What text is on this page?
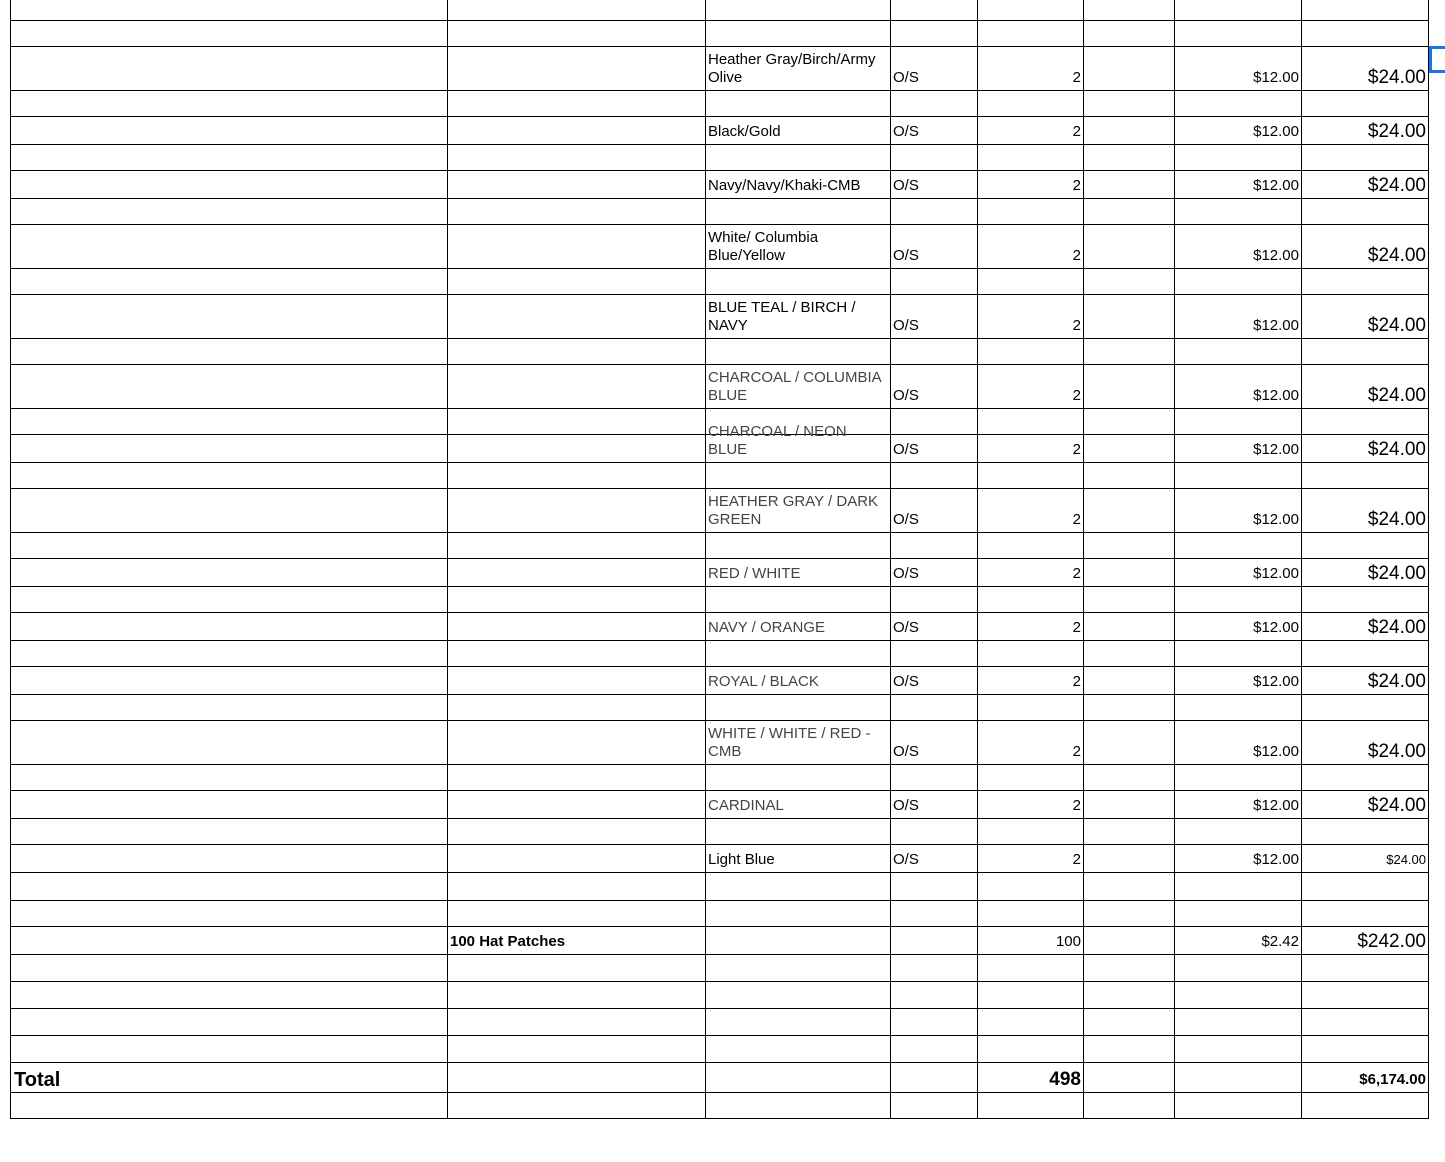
Heather Gray/Birch/Army
Olive	O/S	2	$12.00	$24.00
Black/Gold	O/S	2	$12.00	$24.00
Navy/Navy/Khaki-CMB	O/S	2	$12.00	$24.00
White/ Columbia
Blue/Yellow	O/S	2	$12.00	$24.00
BLUE TEAL / BIRCH /
NAVY	O/S	2	$12.00	$24.00
CHARCOAL / COLUMBIA
BLUE	O/S	2	$12.00	$24.00
CHARCOAL / NEON BLUE	O/S	2	$12.00	$24.00
HEATHER GRAY / DARK
GREEN	O/S	2	$12.00	$24.00
RED / WHITE	O/S	2	$12.00	$24.00
NAVY / ORANGE	O/S	2	$12.00	$24.00
ROYAL / BLACK	O/S	2	$12.00	$24.00
WHITE / WHITE / RED -
CMB	O/S	2	$12.00	$24.00
CARDINAL	O/S	2	$12.00	$24.00
Light Blue	O/S	2	$12.00	$24.00
100 Hat Patches	100	$2.42	$242.00
Total	498	$6,174.00
